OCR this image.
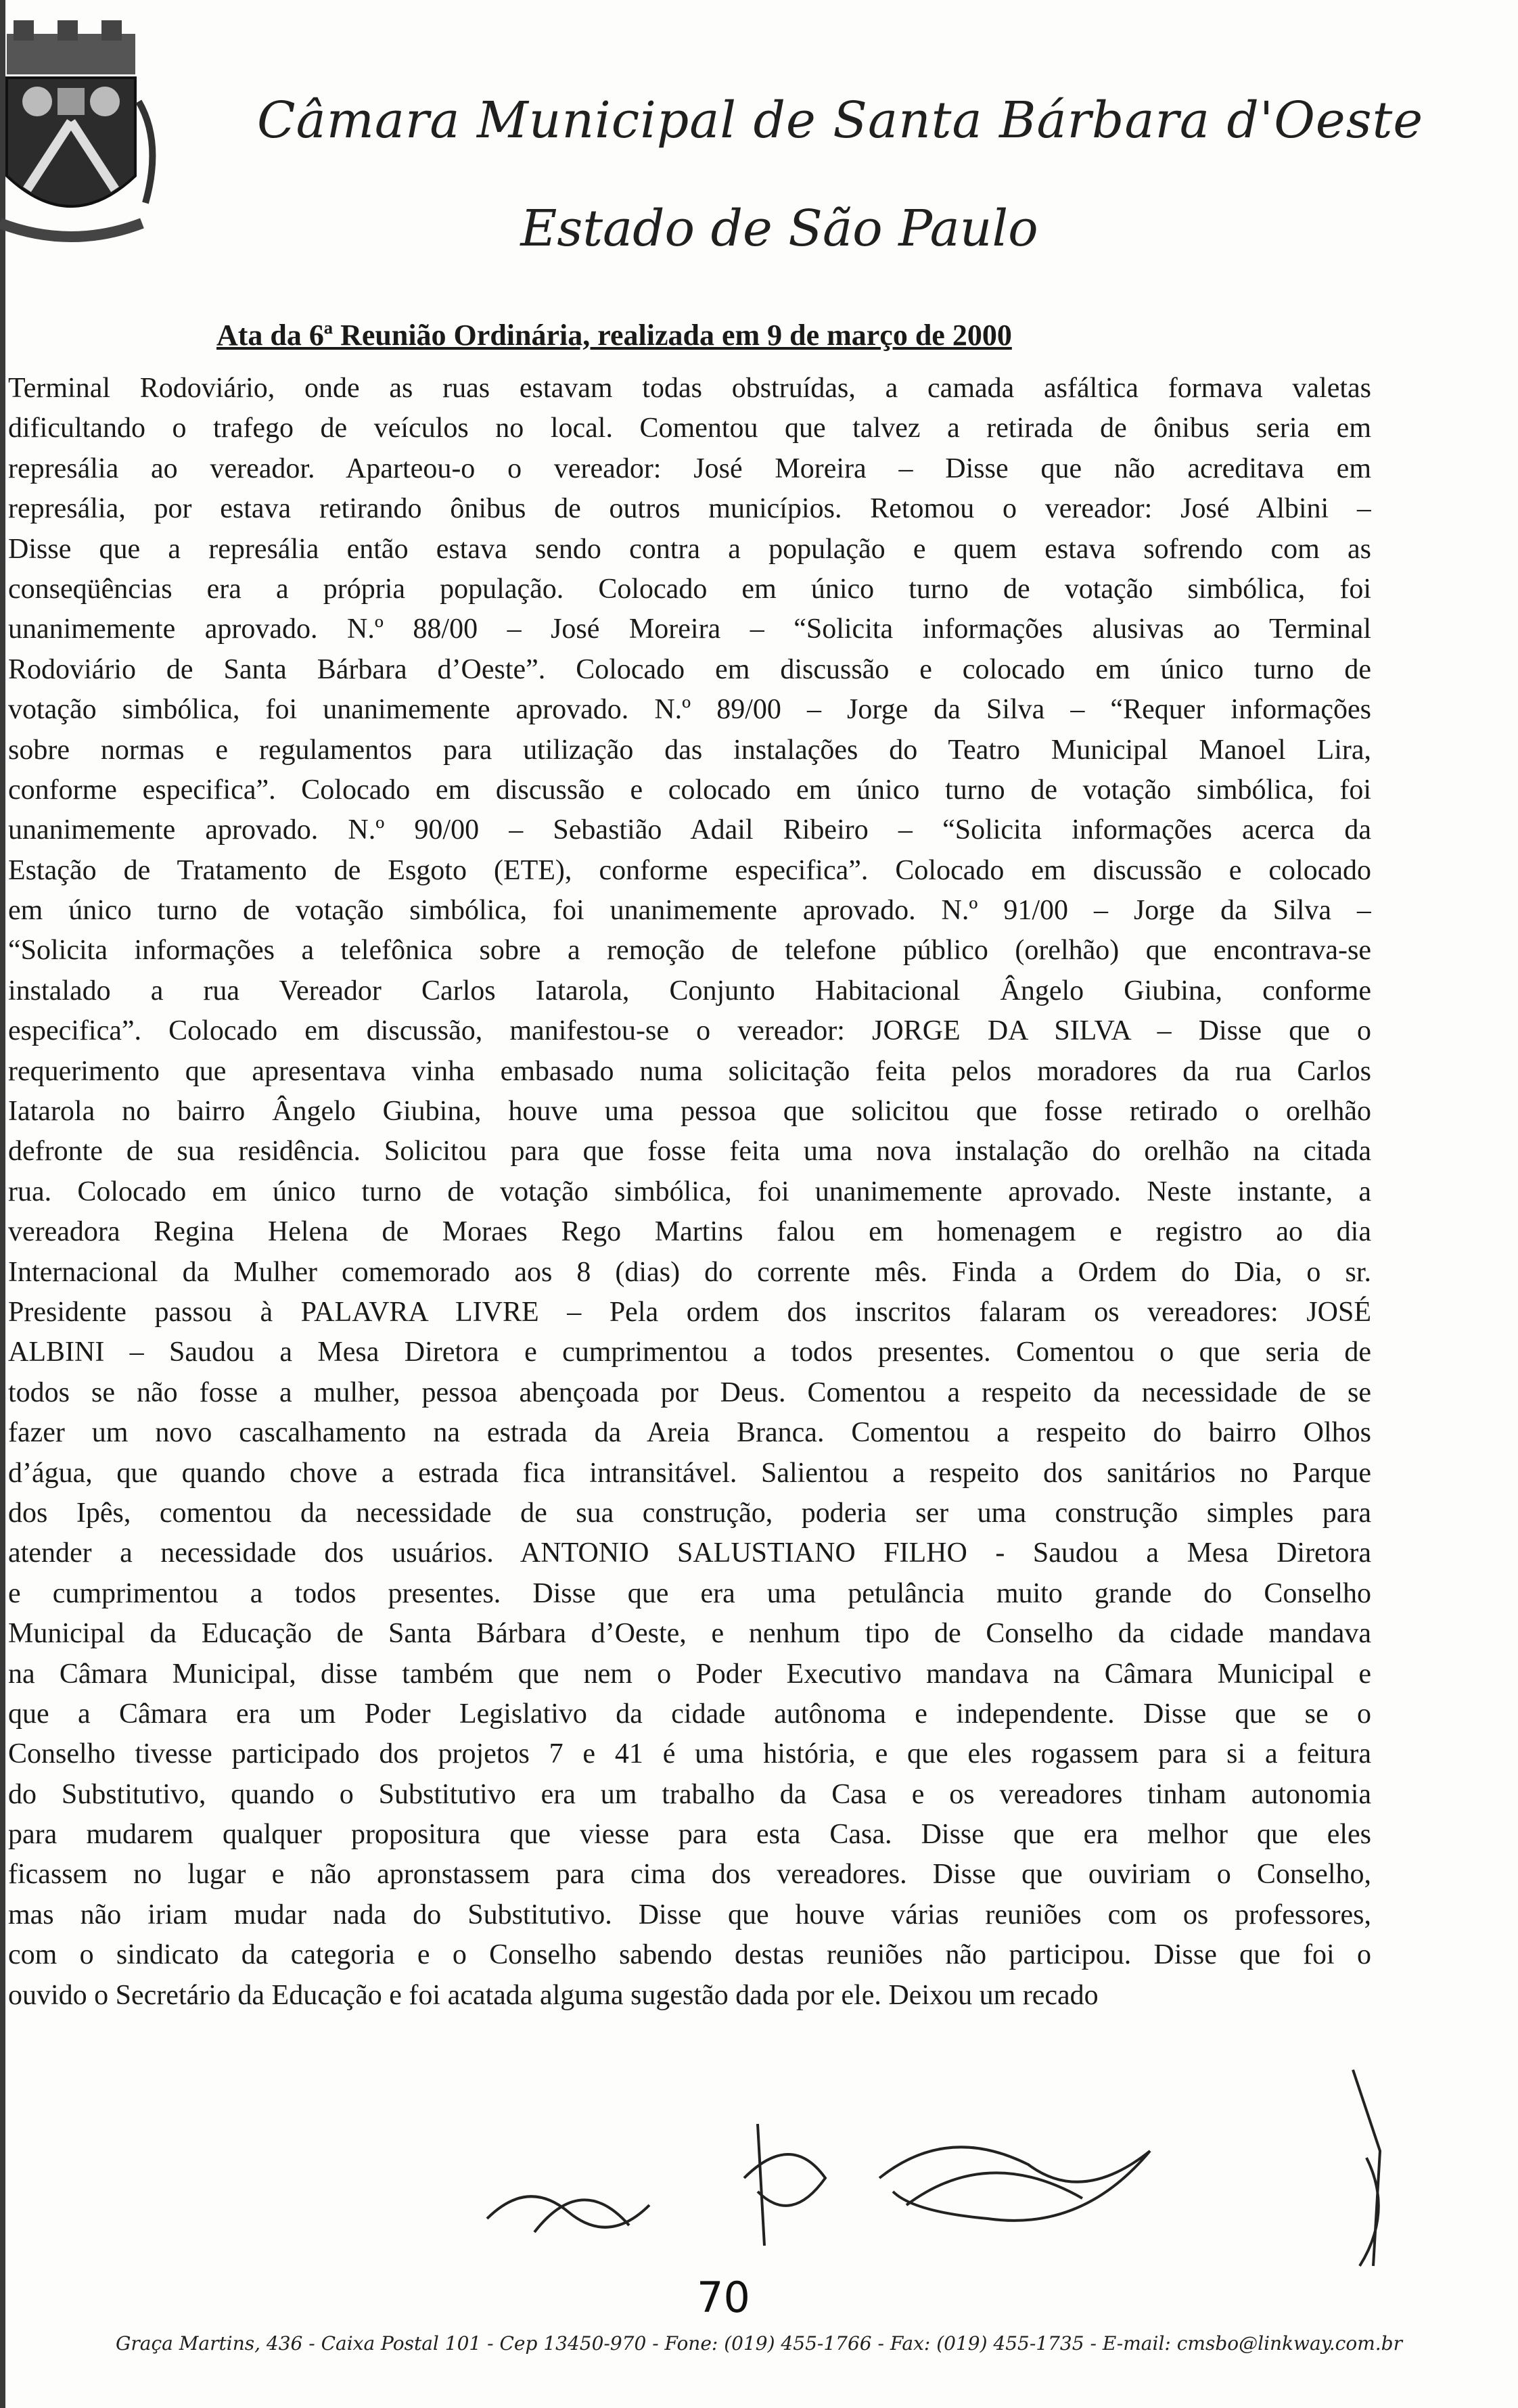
Câmara Municipal de Santa Bárbara d'Oeste
Estado de São Paulo
Ata da 6ª Reunião Ordinária, realizada em 9 de março de 2000
Terminal Rodoviário, onde as ruas estavam todas obstruídas, a camada asfáltica formava valetas
dificultando o trafego de veículos no local. Comentou que talvez a retirada de ônibus seria em
represália ao vereador. Aparteou-o o vereador: José Moreira – Disse que não acreditava em
represália, por estava retirando ônibus de outros municípios. Retomou o vereador: José Albini –
Disse que a represália então estava sendo contra a população e quem estava sofrendo com as
conseqüências era a própria população. Colocado em único turno de votação simbólica, foi
unanimemente aprovado. N.º 88/00 – José Moreira – “Solicita informações alusivas ao Terminal
Rodoviário de Santa Bárbara d’Oeste”. Colocado em discussão e colocado em único turno de
votação simbólica, foi unanimemente aprovado. N.º 89/00 – Jorge da Silva – “Requer informações
sobre normas e regulamentos para utilização das instalações do Teatro Municipal Manoel Lira,
conforme especifica”. Colocado em discussão e colocado em único turno de votação simbólica, foi
unanimemente aprovado. N.º 90/00 – Sebastião Adail Ribeiro – “Solicita informações acerca da
Estação de Tratamento de Esgoto (ETE), conforme especifica”. Colocado em discussão e colocado
em único turno de votação simbólica, foi unanimemente aprovado. N.º 91/00 – Jorge da Silva –
“Solicita informações a telefônica sobre a remoção de telefone público (orelhão) que encontrava-se
instalado a rua Vereador Carlos Iatarola, Conjunto Habitacional Ângelo Giubina, conforme
especifica”. Colocado em discussão, manifestou-se o vereador: JORGE DA SILVA – Disse que o
requerimento que apresentava vinha embasado numa solicitação feita pelos moradores da rua Carlos
Iatarola no bairro Ângelo Giubina, houve uma pessoa que solicitou que fosse retirado o orelhão
defronte de sua residência. Solicitou para que fosse feita uma nova instalação do orelhão na citada
rua. Colocado em único turno de votação simbólica, foi unanimemente aprovado. Neste instante, a
vereadora Regina Helena de Moraes Rego Martins falou em homenagem e registro ao dia
Internacional da Mulher comemorado aos 8 (dias) do corrente mês. Finda a Ordem do Dia, o sr.
Presidente passou à PALAVRA LIVRE – Pela ordem dos inscritos falaram os vereadores: JOSÉ
ALBINI – Saudou a Mesa Diretora e cumprimentou a todos presentes. Comentou o que seria de
todos se não fosse a mulher, pessoa abençoada por Deus. Comentou a respeito da necessidade de se
fazer um novo cascalhamento na estrada da Areia Branca. Comentou a respeito do bairro Olhos
d’água, que quando chove a estrada fica intransitável. Salientou a respeito dos sanitários no Parque
dos Ipês, comentou da necessidade de sua construção, poderia ser uma construção simples para
atender a necessidade dos usuários. ANTONIO SALUSTIANO FILHO - Saudou a Mesa Diretora
e cumprimentou a todos presentes. Disse que era uma petulância muito grande do Conselho
Municipal da Educação de Santa Bárbara d’Oeste, e nenhum tipo de Conselho da cidade mandava
na Câmara Municipal, disse também que nem o Poder Executivo mandava na Câmara Municipal e
que a Câmara era um Poder Legislativo da cidade autônoma e independente. Disse que se o
Conselho tivesse participado dos projetos 7 e 41 é uma história, e que eles rogassem para si a feitura
do Substitutivo, quando o Substitutivo era um trabalho da Casa e os vereadores tinham autonomia
para mudarem qualquer propositura que viesse para esta Casa. Disse que era melhor que eles
ficassem no lugar e não apronstassem para cima dos vereadores. Disse que ouviriam o Conselho,
mas não iriam mudar nada do Substitutivo. Disse que houve várias reuniões com os professores,
com o sindicato da categoria e o Conselho sabendo destas reuniões não participou. Disse que foi o
ouvido o Secretário da Educação e foi acatada alguma sugestão dada por ele. Deixou um recado
70
Graça Martins, 436 - Caixa Postal 101 - Cep 13450-970 - Fone: (019) 455-1766 - Fax: (019) 455-1735 - E-mail: cmsbo@linkway.com.br
